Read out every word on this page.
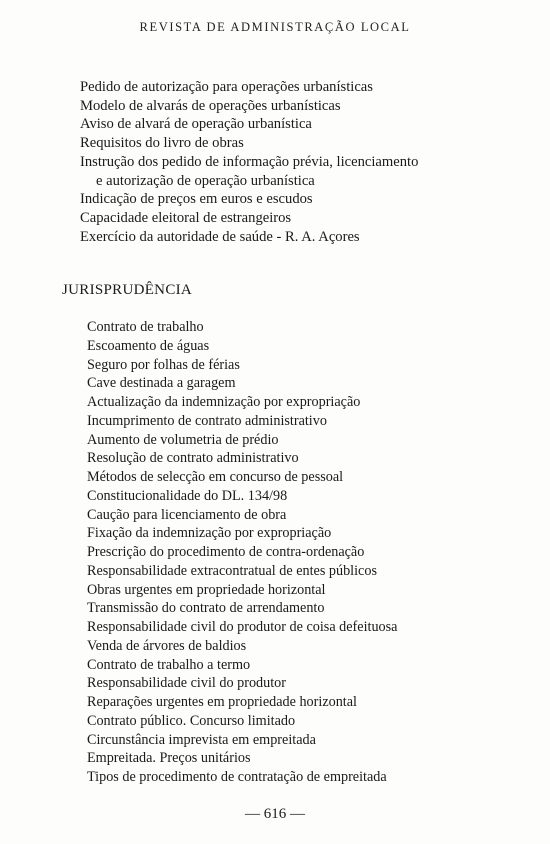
REVISTA DE ADMINISTRAÇÃO LOCAL
Pedido de autorização para operações urbanísticas
Modelo de alvarás de operações urbanísticas
Aviso de alvará de operação urbanística
Requisitos do livro de obras
Instrução dos pedido de informação prévia, licenciamento
e autorização de operação urbanística
Indicação de preços em euros e escudos
Capacidade eleitoral de estrangeiros
Exercício da autoridade de saúde - R. A. Açores
JURISPRUDÊNCIA
Contrato de trabalho
Escoamento de águas
Seguro por folhas de férias
Cave destinada a garagem
Actualização da indemnização por expropriação
Incumprimento de contrato administrativo
Aumento de volumetria de prédio
Resolução de contrato administrativo
Métodos de selecção em concurso de pessoal
Constitucionalidade do DL. 134/98
Caução para licenciamento de obra
Fixação da indemnização por expropriação
Prescrição do procedimento de contra-ordenação
Responsabilidade extracontratual de entes públicos
Obras urgentes em propriedade horizontal
Transmissão do contrato de arrendamento
Responsabilidade civil do produtor de coisa defeituosa
Venda de árvores de baldios
Contrato de trabalho a termo
Responsabilidade civil do produtor
Reparações urgentes em propriedade horizontal
Contrato público. Concurso limitado
Circunstância imprevista em empreitada
Empreitada. Preços unitários
Tipos de procedimento de contratação de empreitada
— 616 —
